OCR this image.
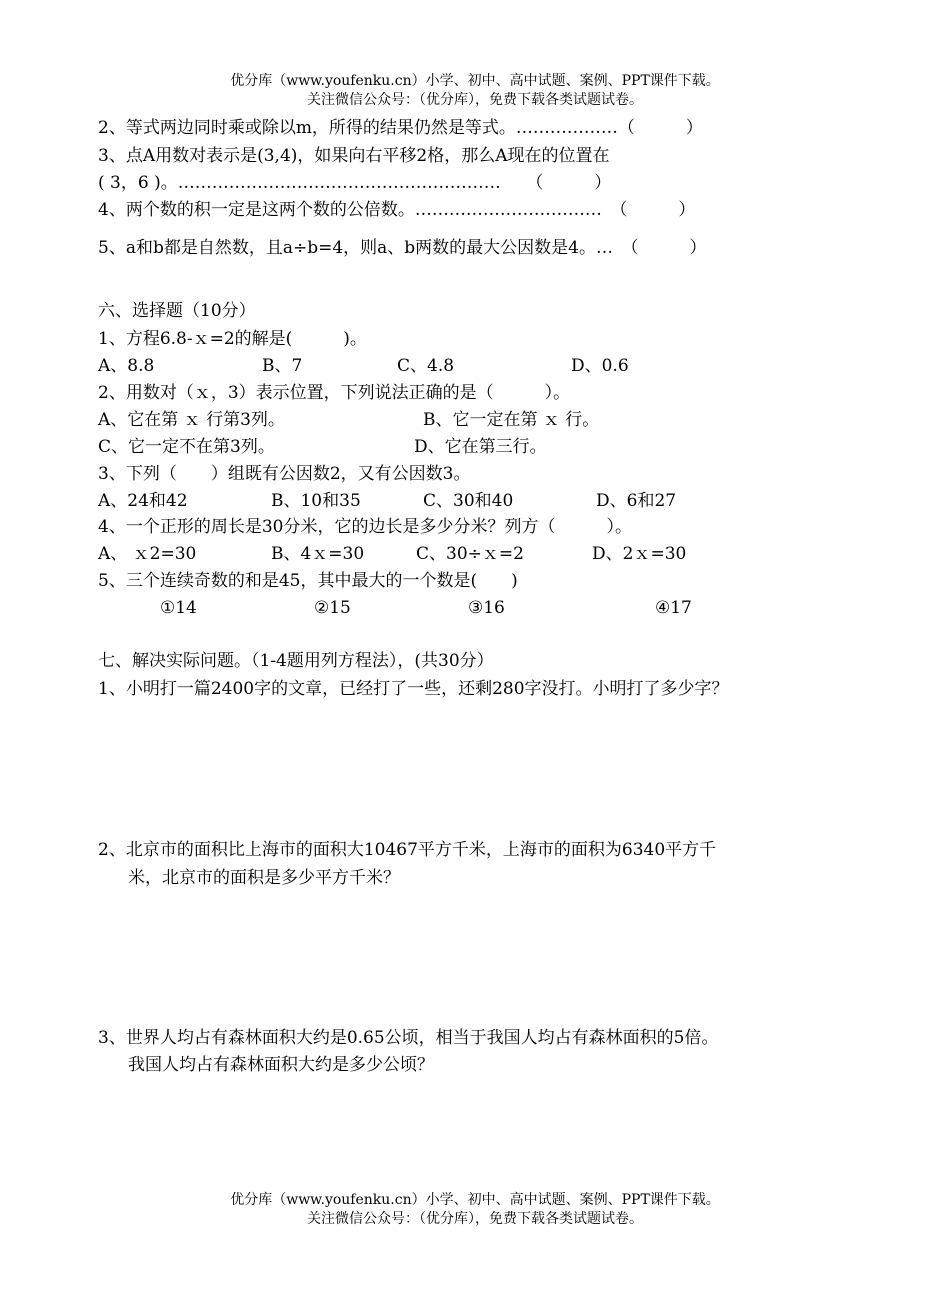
优分库（www.youfenku.cn）小学、初中、高中试题、案例、PPT课件下载。
关注微信公众号：（优分库），免费下载各类试题试卷。
2、等式两边同时乘或除以m，所得的结果仍然是等式。………………（　　　）
3、点A用数对表示是(3,4)，如果向右平移2格，那么A现在的位置在
( 3，6 )。…………………………………………………　　（　　　）
4、两个数的积一定是这两个数的公倍数。……………………………　（　　　）
5、a和b都是自然数，且a÷b=4，则a、b两数的最大公因数是4。…　（　　　）
六、选择题（10分）
1、方程6.8-ｘ=2的解是(　　　)。
A、8.8	B、7	C、4.8	D、0.6
2、用数对（ｘ，3）表示位置，下列说法正确的是（　　　）。
A、它在第 ｘ 行第3列。	B、它一定在第 ｘ 行。
C、它一定不在第3列。	D、它在第三行。
3、下列（　　）组既有公因数2，又有公因数3。
A、24和42	B、10和35	C、30和40	D、6和27
4、一个正形的周长是30分米，它的边长是多少分米？列方（　　　）。
A、 ｘ2=30	B、4ｘ=30	C、30÷ｘ=2	D、2ｘ=30
5、三个连续奇数的和是45，其中最大的一个数是(　　)
①14	②15	③16	④17
七、解决实际问题。（1-4题用列方程法），(共30分）
1、小明打一篇2400字的文章，已经打了一些，还剩280字没打。小明打了多少字？
2、北京市的面积比上海市的面积大10467平方千米，上海市的面积为6340平方千
米，北京市的面积是多少平方千米？
3、世界人均占有森林面积大约是0.65公顷，相当于我国人均占有森林面积的5倍。
我国人均占有森林面积大约是多少公顷？
优分库（www.youfenku.cn）小学、初中、高中试题、案例、PPT课件下载。
关注微信公众号：（优分库），免费下载各类试题试卷。
